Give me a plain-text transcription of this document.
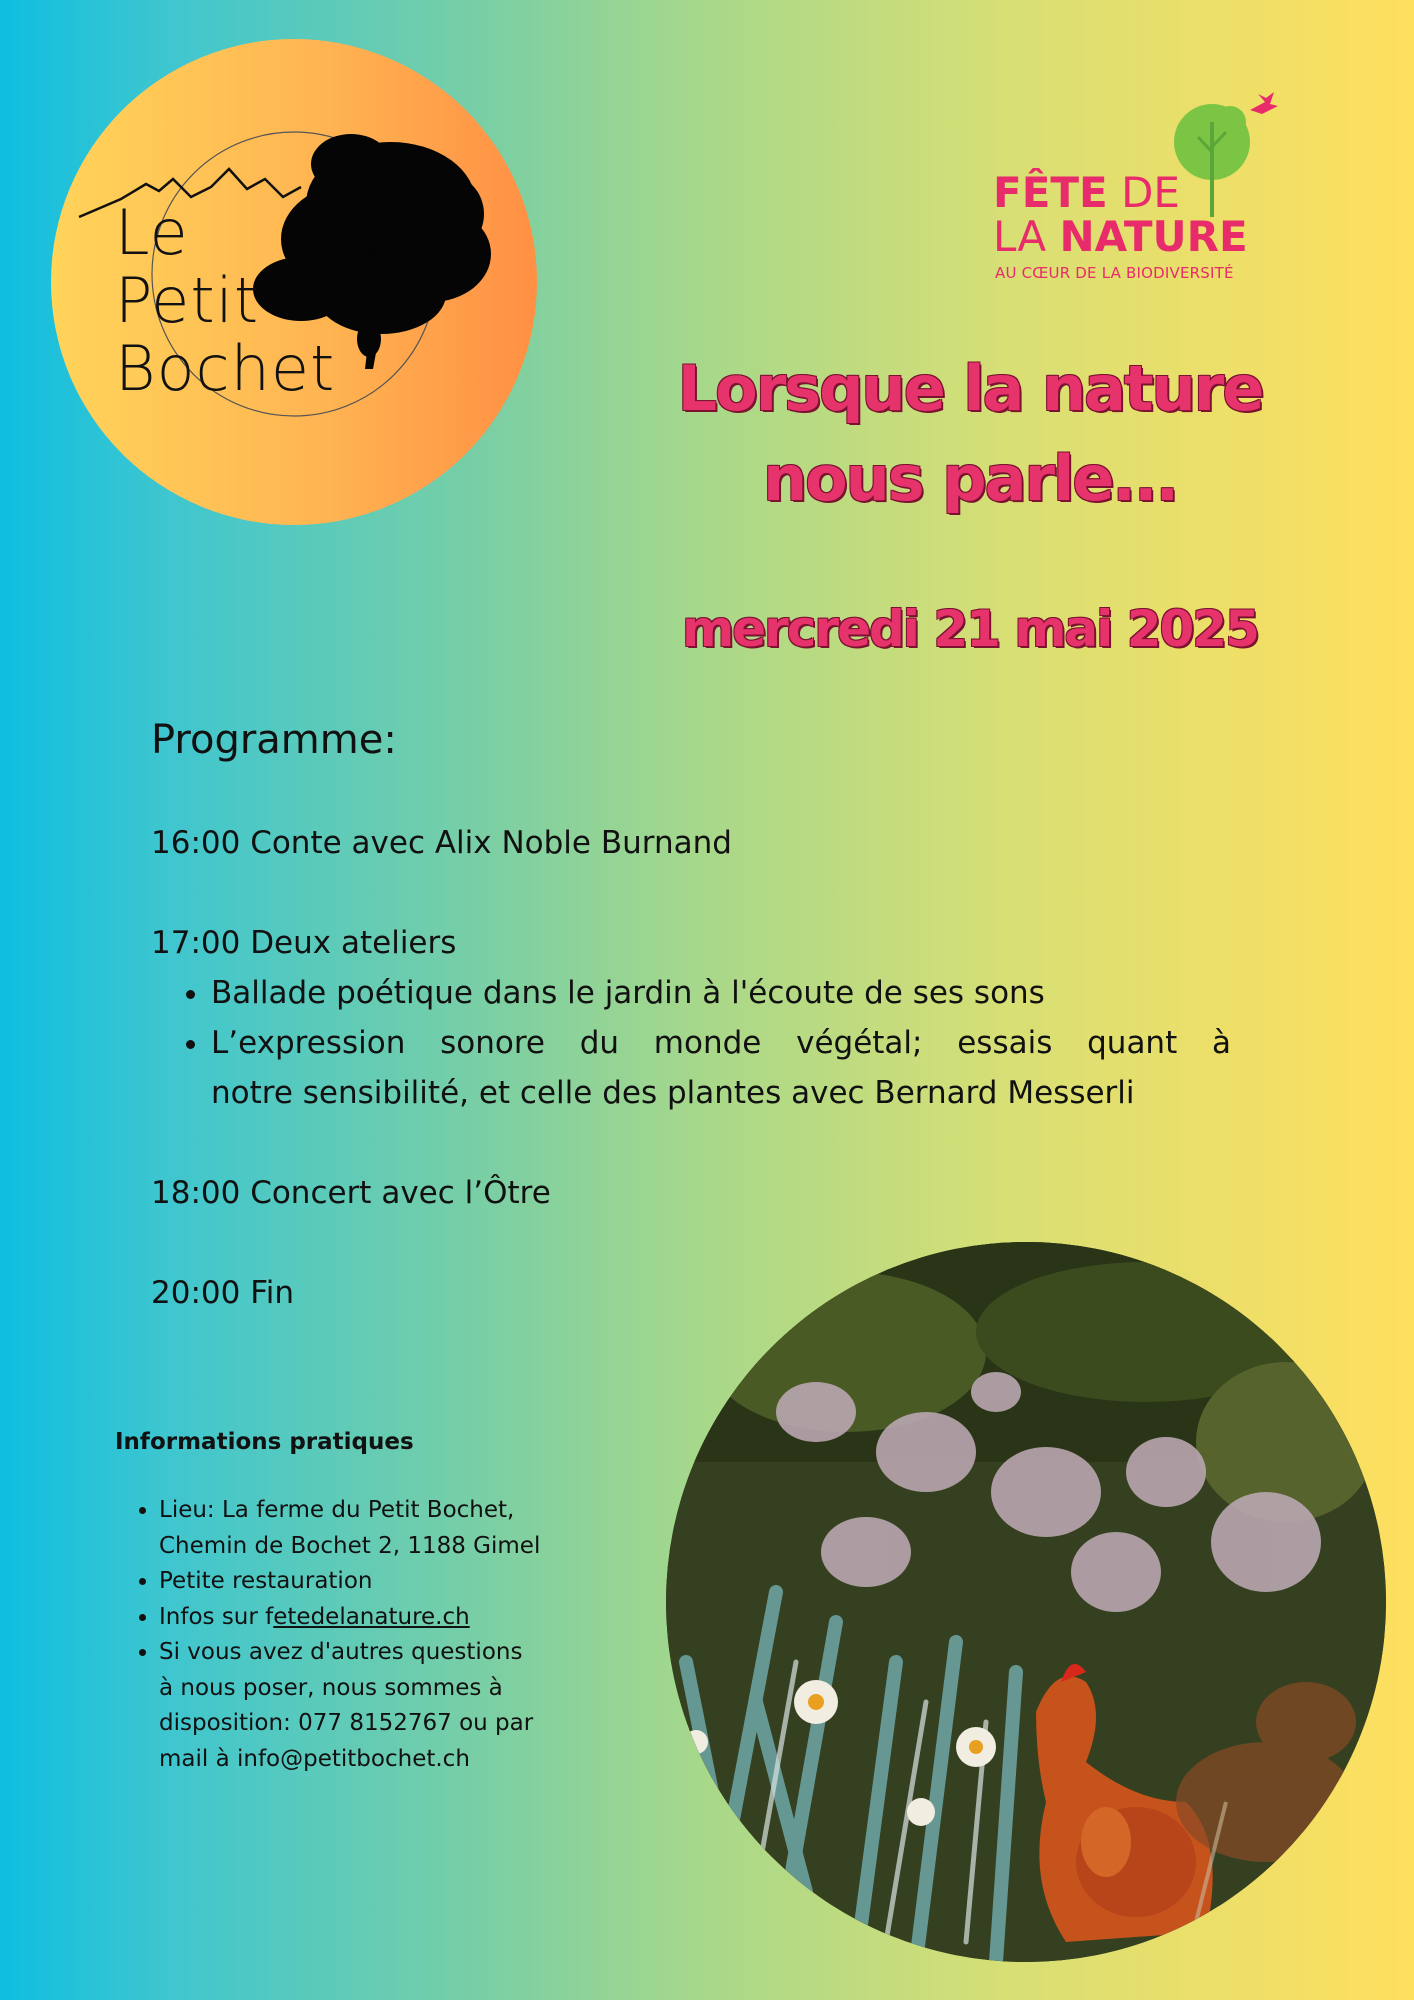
Le
Petit
Bochet
FÊTE DE
LA NATURE
AU CŒUR DE LA BIODIVERSITÉ
Lorsque la nature
nous parle...
mercredi 21 mai 2025
Programme:
16:00 Conte avec Alix Noble Burnand
17:00 Deux ateliers
• Ballade poétique dans le jardin à l'écoute de ses sons
• L’expression sonore du monde végétal; essais quant à
notre sensibilité, et celle des plantes avec Bernard Messerli
18:00 Concert avec l’Ôtre
20:00 Fin
Informations pratiques
• Lieu: La ferme du Petit Bochet,
Chemin de Bochet 2, 1188 Gimel
• Petite restauration
• Infos sur fetedelanature.ch
• Si vous avez d'autres questions
à nous poser, nous sommes à
disposition: 077 8152767 ou par
mail à info@petitbochet.ch
